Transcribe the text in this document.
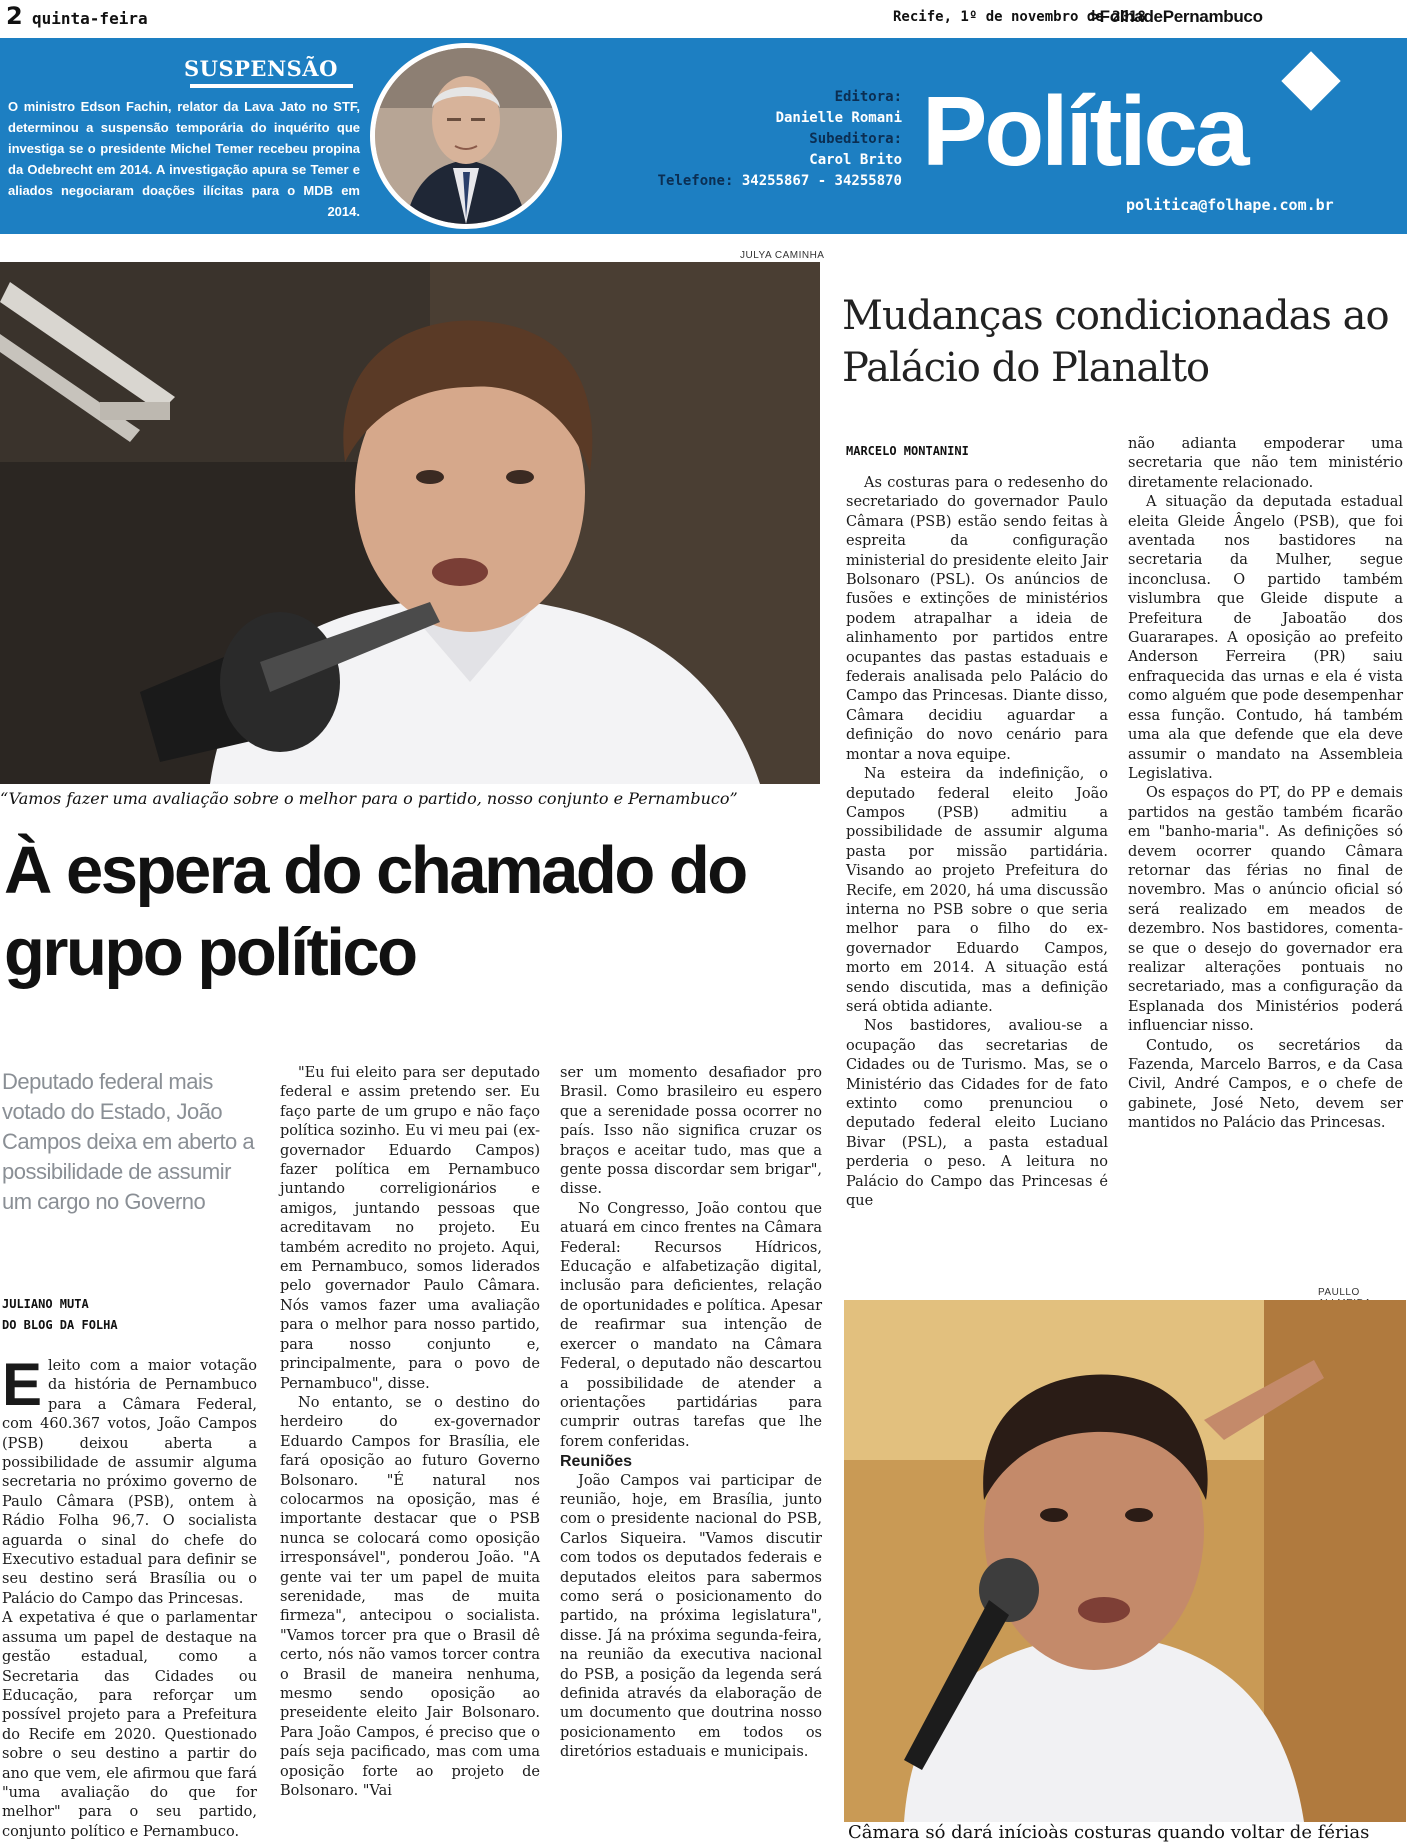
2 quinta-feira	Recife, 1º de novembro de 2018
>FolhadePernambuco
SUSPENSÃO
O ministro Edson Fachin, relator da Lava Jato no STF, determinou a suspensão temporária do inquérito que investiga se o presidente Michel Temer recebeu propina da Odebrecht em 2014. A investigação apura se Temer e aliados negociaram doações ilícitas para o MDB em 2014.
Editora:
Danielle Romani
Subeditora:
Carol Brito
Telefone: 34255867 - 34255870 Política
politica@folhape.com.br
JULYA CAMINHA
“Vamos fazer uma avaliação sobre o melhor para o partido, nosso conjunto e Pernambuco”
À espera do chamado do grupo político
Deputado federal mais votado do Estado, João Campos deixa em aberto a possibilidade de assumir um cargo no Governo
JULIANO MUTA
DO BLOG DA FOLHA

Eleito com a maior votação da história de Pernambuco para a Câmara Federal, com 460.367 votos, João Campos (PSB) deixou aberta a possibilidade de assumir alguma secretaria no próximo governo de Paulo Câmara (PSB), ontem à Rádio Folha 96,7. O socialista aguarda o sinal do chefe do Executivo estadual para definir se seu destino será Brasília ou o Palácio do Campo das Princesas.

A expetativa é que o parlamentar assuma um papel de destaque na gestão estadual, como a Secretaria das Cidades ou Educação, para reforçar um possível projeto para a Prefeitura do Recife em 2020. Questionado sobre o seu destino a partir do ano que vem, ele afirmou que fará "uma avaliação do que for melhor" para o seu partido, conjunto político e Pernambuco.

"Eu fui eleito para ser deputado federal e assim pretendo ser. Eu faço parte de um grupo e não faço política sozinho. Eu vi meu pai (ex-governador Eduardo Campos) fazer política em Pernambuco juntando correligionários e amigos, juntando pessoas que acreditavam no projeto. Eu também acredito no projeto. Aqui, em Pernambuco, somos liderados pelo governador Paulo Câmara. Nós vamos fazer uma avaliação para o melhor para nosso partido, para nosso conjunto e, principalmente, para o povo de Pernambuco", disse.

No entanto, se o destino do herdeiro do ex-governador Eduardo Campos for Brasília, ele fará oposição ao futuro Governo Bolsonaro. "É natural nos colocarmos na oposição, mas é importante destacar que o PSB nunca se colocará como oposição irresponsável", ponderou João. "A gente vai ter um papel de muita serenidade, mas de muita firmeza", antecipou o socialista. "Vamos torcer pra que o Brasil dê certo, nós não vamos torcer contra o Brasil de maneira nenhuma, mesmo sendo oposição ao preseidente eleito Jair Bolsonaro. Para João Campos, é preciso que o país seja pacificado, mas com uma oposição forte ao projeto de Bolsonaro. "Vai

ser um momento desafiador pro Brasil. Como brasileiro eu espero que a serenidade possa ocorrer no país. Isso não significa cruzar os braços e aceitar tudo, mas que a gente possa discordar sem brigar", disse.

No Congresso, João contou que atuará em cinco frentes na Câmara Federal: Recursos Hídricos, Educação e alfabetização digital, inclusão para deficientes, relação de oportunidades e política. Apesar de reafirmar sua intenção de exercer o mandato na Câmara Federal, o deputado não descartou a possibilidade de atender a orientações partidárias para cumprir outras tarefas que lhe forem conferidas.

Reuniões

João Campos vai participar de reunião, hoje, em Brasília, junto com o presidente nacional do PSB, Carlos Siqueira. "Vamos discutir com todos os deputados federais e deputados eleitos para sabermos como será o posicionamento do partido, na próxima legislatura", disse. Já na próxima segunda-feira, na reunião da executiva nacional do PSB, a posição da legenda será definida através da elaboração de um documento que doutrina nosso posicionamento em todos os diretórios estaduais e municipais.

Mudanças condicionadas ao Palácio do Planalto
MARCELO MONTANINI

As costuras para o redesenho do secretariado do governador Paulo Câmara (PSB) estão sendo feitas à espreita da configuração ministerial do presidente eleito Jair Bolsonaro (PSL). Os anúncios de fusões e extinções de ministérios podem atrapalhar a ideia de alinhamento por partidos entre ocupantes das pastas estaduais e federais analisada pelo Palácio do Campo das Princesas. Diante disso, Câmara decidiu aguardar a definição do novo cenário para montar a nova equipe.

Na esteira da indefinição, o deputado federal eleito João Campos (PSB) admitiu a possibilidade de assumir alguma pasta por missão partidária. Visando ao projeto Prefeitura do Recife, em 2020, há uma discussão interna no PSB sobre o que seria melhor para o filho do ex-governador Eduardo Campos, morto em 2014. A situação está sendo discutida, mas a definição será obtida adiante.

Nos bastidores, avaliou-se a ocupação das secretarias de Cidades ou de Turismo. Mas, se o Ministério das Cidades for de fato extinto como prenunciou o deputado federal eleito Luciano Bivar (PSL), a pasta estadual perderia o peso. A leitura no Palácio do Campo das Princesas é que

não adianta empoderar uma secretaria que não tem ministério diretamente relacionado.

A situação da deputada estadual eleita Gleide Ângelo (PSB), que foi aventada nos bastidores na secretaria da Mulher, segue inconclusa. O partido também vislumbra que Gleide dispute a Prefeitura de Jaboatão dos Guararapes. A oposição ao prefeito Anderson Ferreira (PR) saiu enfraquecida das urnas e ela é vista como alguém que pode desempenhar essa função. Contudo, há também uma ala que defende que ela deve assumir o mandato na Assembleia Legislativa.

Os espaços do PT, do PP e demais partidos na gestão também ficarão em "banho-maria". As definições só devem ocorrer quando Câmara retornar das férias no final de novembro. Mas o anúncio oficial só será realizado em meados de dezembro. Nos bastidores, comenta-se que o desejo do governador era realizar alterações pontuais no secretariado, mas a configuração da Esplanada dos Ministérios poderá influenciar nisso.

Contudo, os secretários da Fazenda, Marcelo Barros, e da Casa Civil, André Campos, e o chefe de gabinete, José Neto, devem ser mantidos no Palácio das Princesas.

PAULLO
Câmara só dará inícioàs costuras quando voltar de férias
